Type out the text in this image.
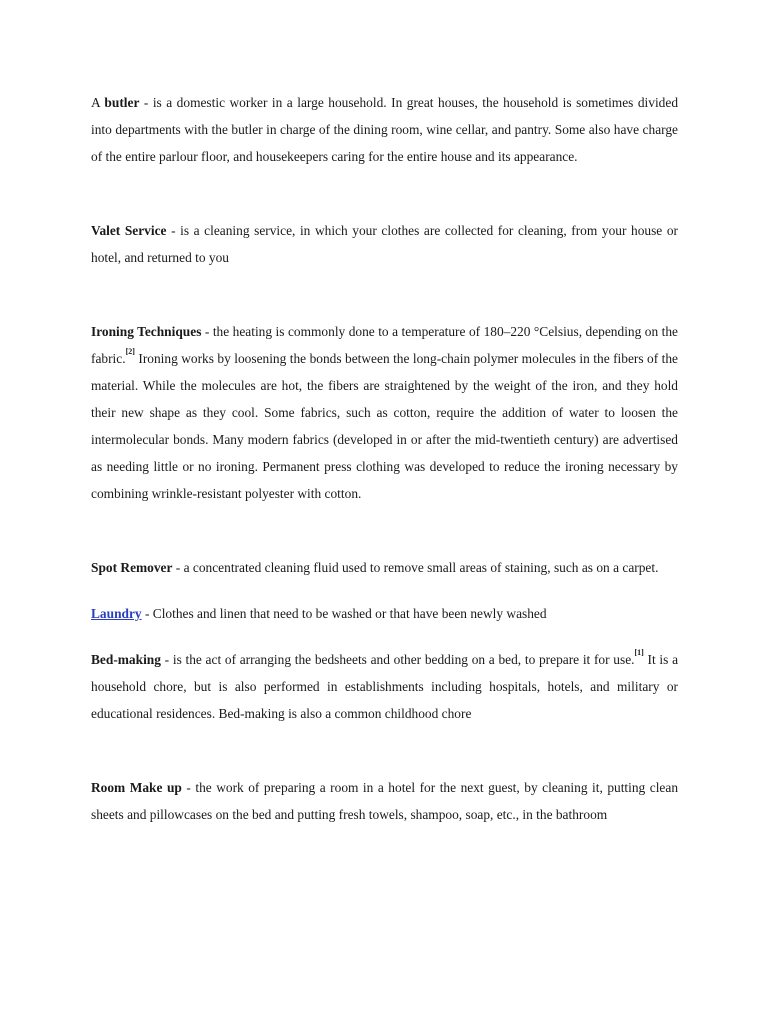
A butler - is a domestic worker in a large household. In great houses, the household is sometimes divided into departments with the butler in charge of the dining room, wine cellar, and pantry. Some also have charge of the entire parlour floor, and housekeepers caring for the entire house and its appearance.

Valet Service - is a cleaning service, in which your clothes are collected for cleaning, from your house or hotel, and returned to you

Ironing Techniques - the heating is commonly done to a temperature of 180–220 °Celsius, depending on the fabric.[2] Ironing works by loosening the bonds between the long-chain polymer molecules in the fibers of the material. While the molecules are hot, the fibers are straightened by the weight of the iron, and they hold their new shape as they cool. Some fabrics, such as cotton, require the addition of water to loosen the intermolecular bonds. Many modern fabrics (developed in or after the mid-twentieth century) are advertised as needing little or no ironing. Permanent press clothing was developed to reduce the ironing necessary by combining wrinkle-resistant polyester with cotton.

Spot Remover - a concentrated cleaning fluid used to remove small areas of staining, such as on a carpet.

Laundry - Clothes and linen that need to be washed or that have been newly washed

Bed-making - is the act of arranging the bedsheets and other bedding on a bed, to prepare it for use.[1] It is a household chore, but is also performed in establishments including hospitals, hotels, and military or educational residences. Bed-making is also a common childhood chore

Room Make up - the work of preparing a room in a hotel for the next guest, by cleaning it, putting clean sheets and pillowcases on the bed and putting fresh towels, shampoo, soap, etc., in the bathroom
